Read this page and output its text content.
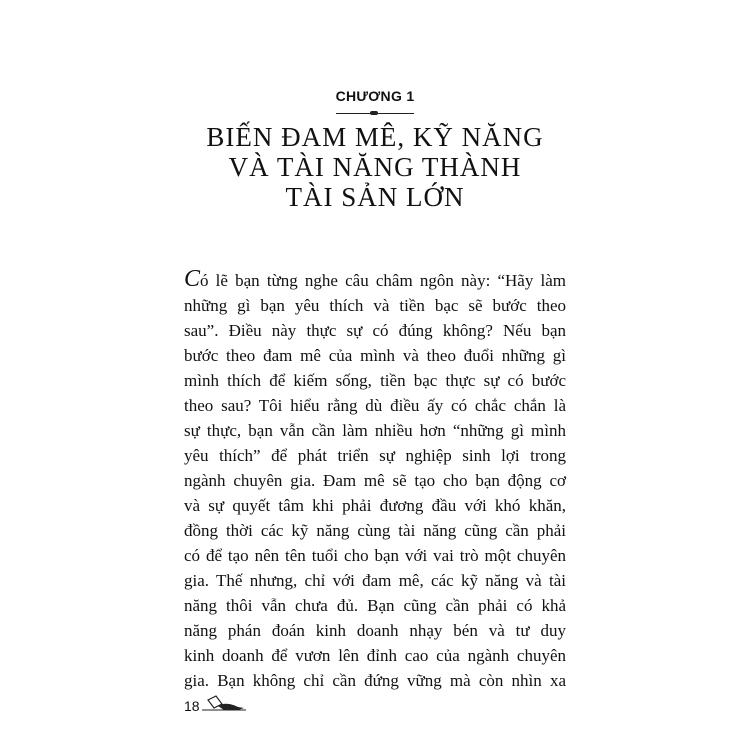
CHƯƠNG 1
BIẾN ĐAM MÊ, KỸ NĂNG
VÀ TÀI NĂNG THÀNH
TÀI SẢN LỚN
Có lẽ bạn từng nghe câu châm ngôn này: “Hãy làm
những gì bạn yêu thích và tiền bạc sẽ bước theo
sau”. Điều này thực sự có đúng không? Nếu bạn
bước theo đam mê của mình và theo đuổi những gì
mình thích để kiếm sống, tiền bạc thực sự có bước
theo sau? Tôi hiểu rằng dù điều ấy có chắc chắn là
sự thực, bạn vẫn cần làm nhiều hơn “những gì mình
yêu thích” để phát triển sự nghiệp sinh lợi trong
ngành chuyên gia. Đam mê sẽ tạo cho bạn động cơ
và sự quyết tâm khi phải đương đầu với khó khăn,
đồng thời các kỹ năng cùng tài năng cũng cần phải
có để tạo nên tên tuổi cho bạn với vai trò một chuyên
gia. Thế nhưng, chỉ với đam mê, các kỹ năng và tài
năng thôi vẫn chưa đủ. Bạn cũng cần phải có khả
năng phán đoán kinh doanh nhạy bén và tư duy
kinh doanh để vươn lên đỉnh cao của ngành chuyên
gia. Bạn không chỉ cần đứng vững mà còn nhìn xa
18
